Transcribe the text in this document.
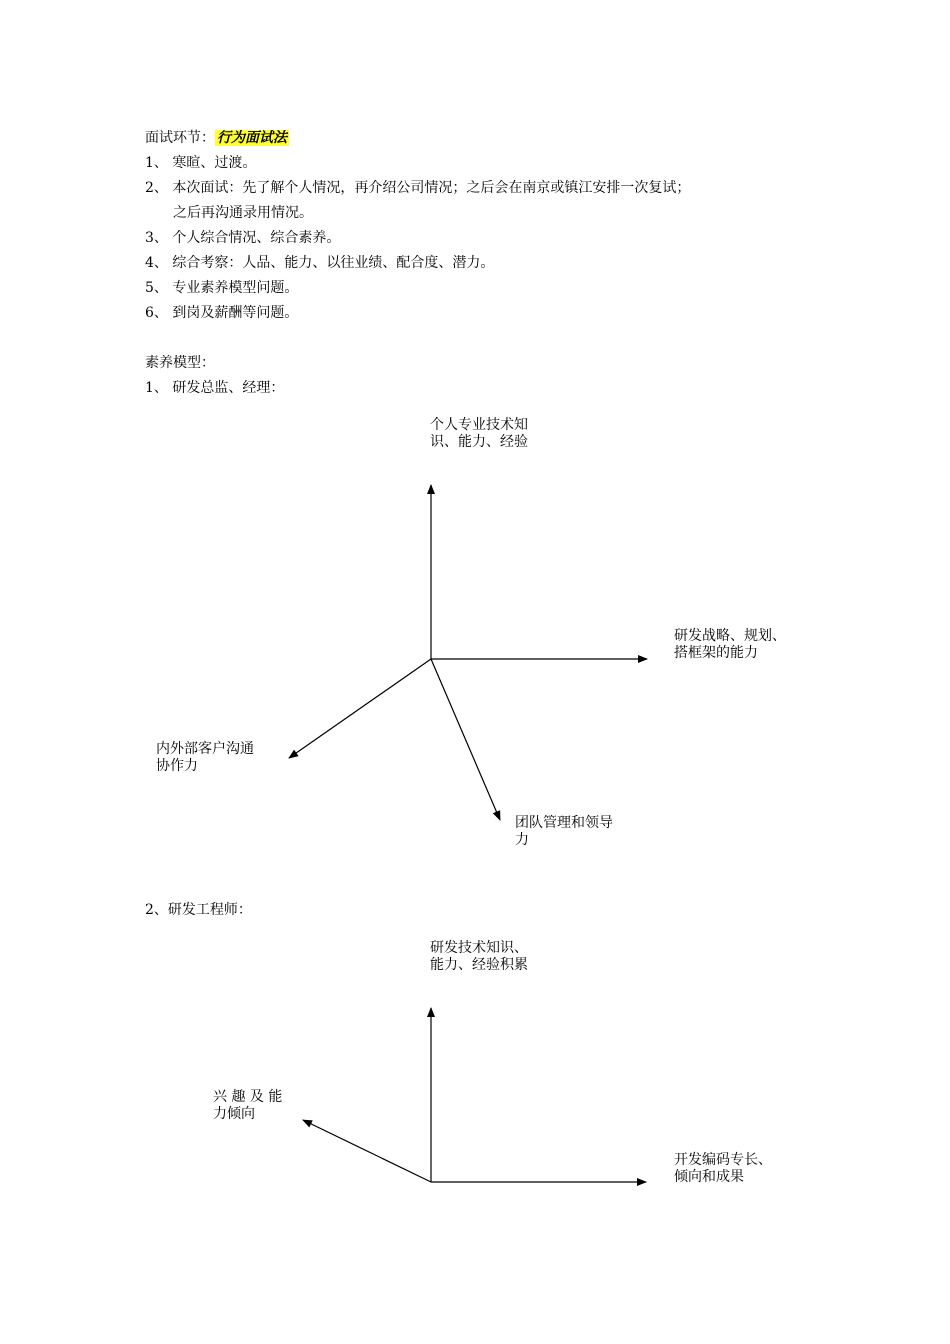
面试环节： 行为面试法
1、 寒暄、过渡。
2、 本次面试：先了解个人情况，再介绍公司情况；之后会在南京或镇江安排一次复试；
之后再沟通录用情况。
3、 个人综合情况、综合素养。
4、 综合考察：人品、能力、以往业绩、配合度、潜力。
5、 专业素养模型问题。
6、 到岗及薪酬等问题。
素养模型：
1、 研发总监、经理：
个人专业技术知
识、能力、经验
研发战略、规划、
搭框架的能力
内外部客户沟通
协作力
团队管理和领导
力
2、研发工程师：
研发技术知识、
能力、经验积累
兴 趣 及 能
力倾向
开发编码专长、
倾向和成果
